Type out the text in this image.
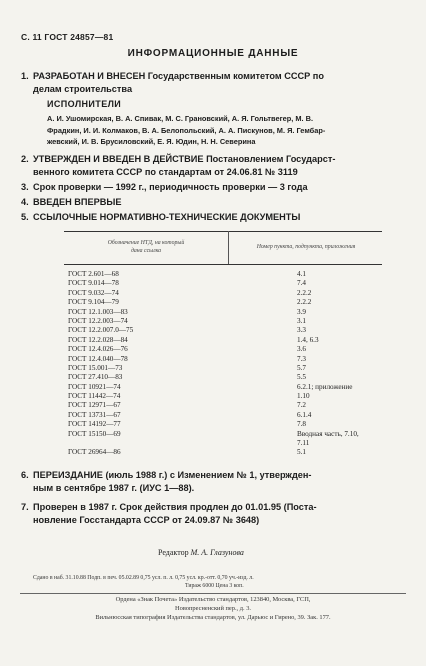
С. 11 ГОСТ 24857—81
ИНФОРМАЦИОННЫЕ ДАННЫЕ
1. РАЗРАБОТАН И ВНЕСЕН Государственным комитетом СССР по
делам строительства
ИСПОЛНИТЕЛИ
А. И. Ушомирская, В. А. Спивак, М. С. Грановский, А. Я. Гольтвегер, М. В.
Фрадкин, И. И. Колмаков, В. А. Белопольский, А. А. Пискунов, М. Я. Гембар-
жевский, И. В. Брусиловский, Е. Я. Юдин, Н. Н. Северина
2. УТВЕРЖДЕН И ВВЕДЕН В ДЕЙСТВИЕ Постановлением Государст-
венного комитета СССР по стандартам от 24.06.81 № 3119
3. Срок проверки — 1992 г., периодичность проверки — 3 года
4. ВВЕДЕН ВПЕРВЫЕ
5. ССЫЛОЧНЫЕ НОРМАТИВНО-ТЕХНИЧЕСКИЕ ДОКУМЕНТЫ
Обозначение НТД, на который
дана ссылка
Номер пункта, подпункта, приложения
ГОСТ 2.601—68	4.1
ГОСТ 9.014—78	7.4
ГОСТ 9.032—74	2.2.2
ГОСТ 9.104—79	2.2.2
ГОСТ 12.1.003—83	3.9
ГОСТ 12.2.003—74	3.1
ГОСТ 12.2.007.0—75	3.3
ГОСТ 12.2.028—84	1.4, 6.3
ГОСТ 12.4.026—76	3.6
ГОСТ 12.4.040—78	7.3
ГОСТ 15.001—73	5.7
ГОСТ 27.410—83	5.5
ГОСТ 10921—74	6.2.1; приложение
ГОСТ 11442—74	1.10
ГОСТ 12971—67	7.2
ГОСТ 13731—67	6.1.4
ГОСТ 14192—77	7.8
ГОСТ 15150—69	Вводная часть, 7.10,
7.11
ГОСТ 26964—86	5.1
6. ПЕРЕИЗДАНИЕ (июль 1988 г.) с Изменением № 1, утвержден-
ным в сентябре 1987 г. (ИУС 1—88).
7. Проверен в 1987 г. Срок действия продлен до 01.01.95 (Поста-
новление Госстандарта СССР от 24.09.87 № 3648)
Редактор М. А. Глазунова
Сдано в наб. 31.10.88 Подп. в печ. 05.02.89 0,75 усл. п. л. 0,75 усл. кр.-отт. 0,70 уч.-изд. л.
Тираж 6000 Цена 3 коп.
Ордена «Знак Почета» Издательство стандартов, 123840, Москва, ГСП,
Новопресненский пер., д. 3.
Вильнюсская типография Издательства стандартов, ул. Дарьюс и Гирено, 39. Зак. 177.
